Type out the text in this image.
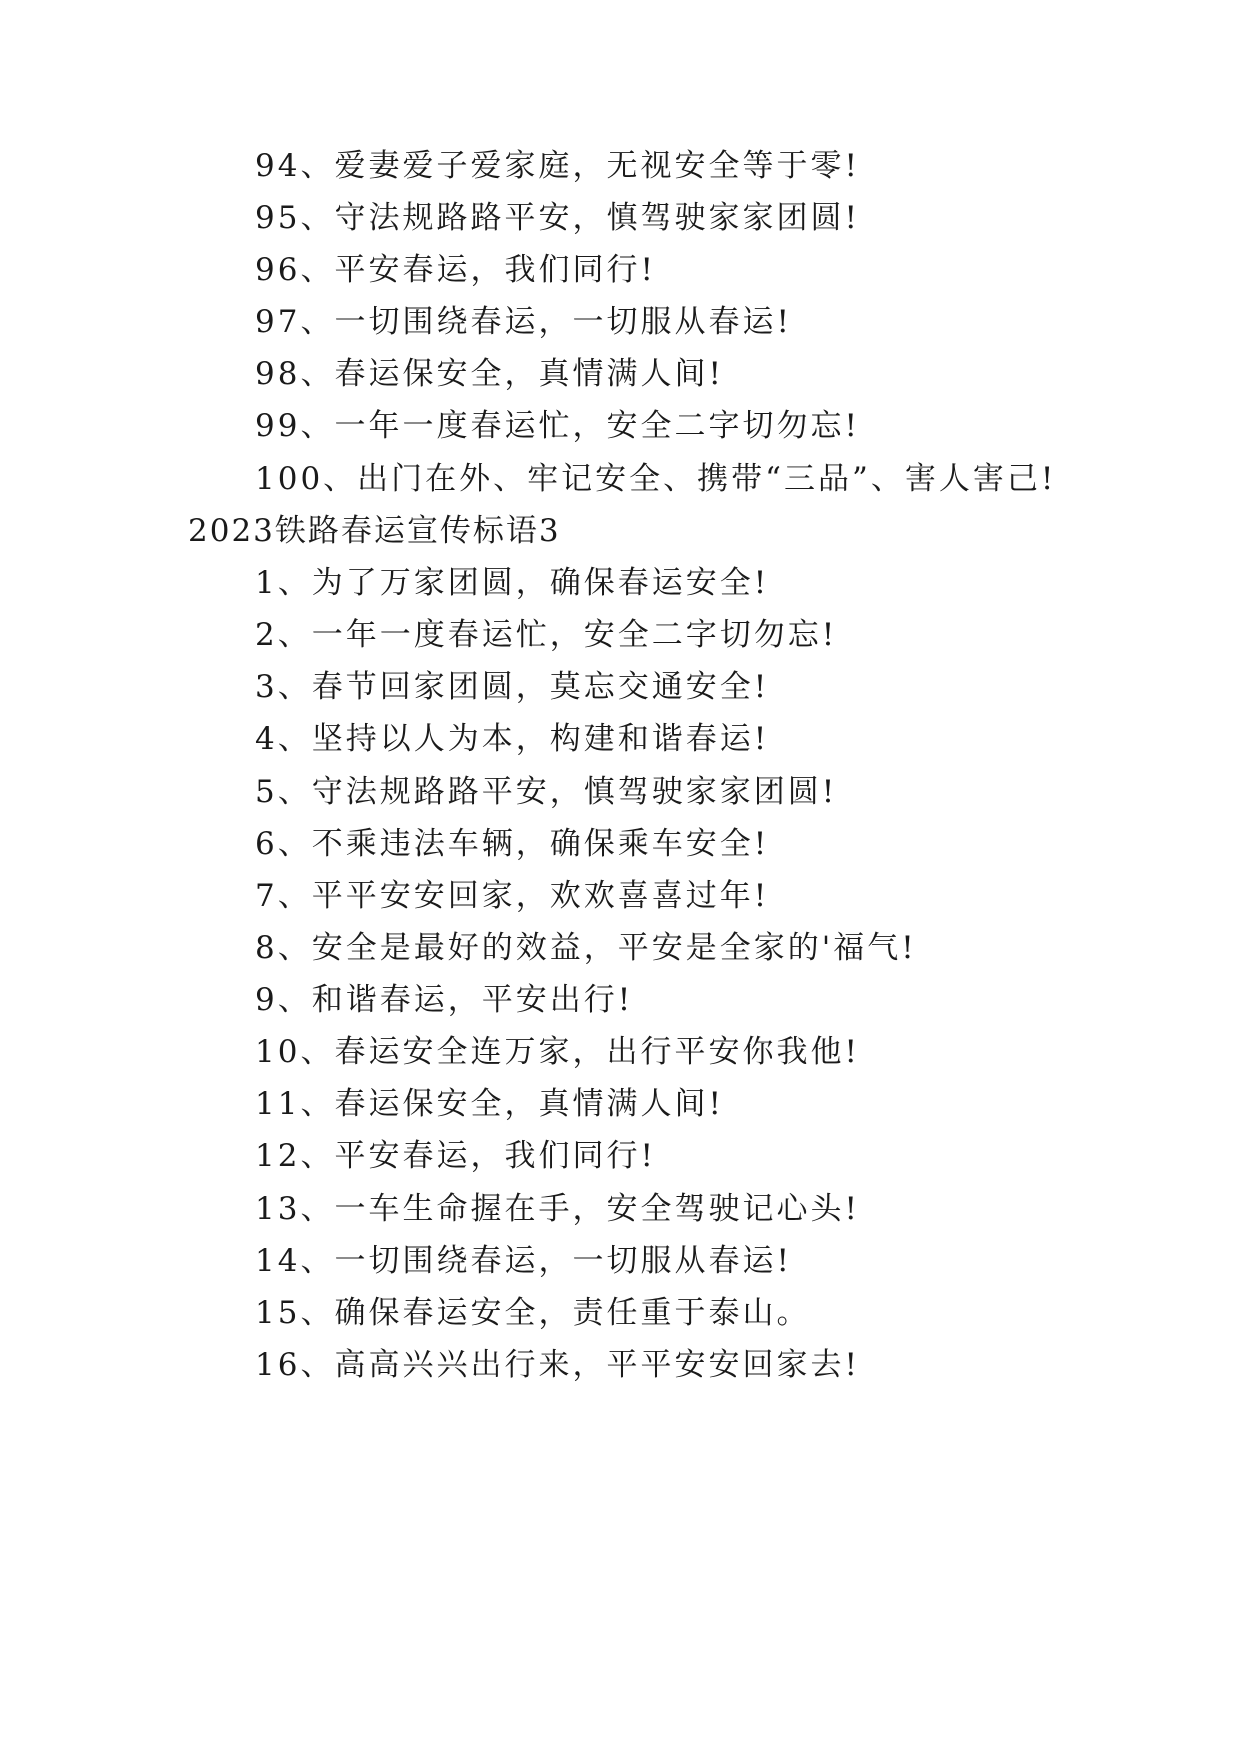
94、爱妻爱子爱家庭，无视安全等于零!
95、守法规路路平安，慎驾驶家家团圆!
96、平安春运，我们同行!
97、一切围绕春运，一切服从春运!
98、春运保安全，真情满人间!
99、一年一度春运忙，安全二字切勿忘!
100、出门在外、牢记安全、携带“三品”、害人害己!
2023铁路春运宣传标语3
1、为了万家团圆，确保春运安全!
2、一年一度春运忙，安全二字切勿忘!
3、春节回家团圆，莫忘交通安全!
4、坚持以人为本，构建和谐春运!
5、守法规路路平安，慎驾驶家家团圆!
6、不乘违法车辆，确保乘车安全!
7、平平安安回家，欢欢喜喜过年!
8、安全是最好的效益，平安是全家的'福气!
9、和谐春运，平安出行!
10、春运安全连万家，出行平安你我他!
11、春运保安全，真情满人间!
12、平安春运，我们同行!
13、一车生命握在手，安全驾驶记心头!
14、一切围绕春运，一切服从春运!
15、确保春运安全，责任重于泰山。
16、高高兴兴出行来，平平安安回家去!
